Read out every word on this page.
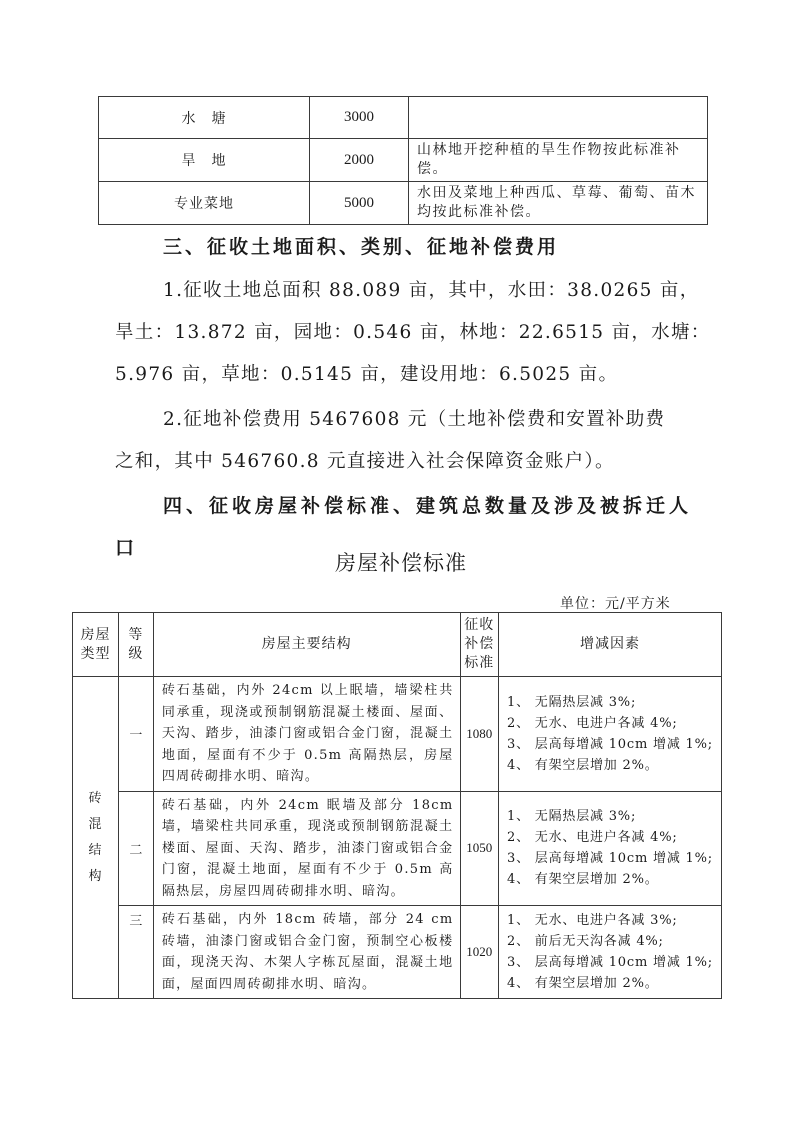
水　塘	3000	
旱　地	2000	山林地开挖种植的旱生作物按此标准补偿。
专业菜地	5000	水田及菜地上种西瓜、草莓、葡萄、苗木均按此标准补偿。
三、征收土地面积、类别、征地补偿费用
1.征收土地总面积 88.089 亩，其中，水田：38.0265 亩，
旱土：13.872 亩，园地：0.546 亩，林地：22.6515 亩，水塘：
5.976 亩，草地：0.5145 亩，建设用地：6.5025 亩。
2.征地补偿费用 5467608 元（土地补偿费和安置补助费
之和，其中 546760.8 元直接进入社会保障资金账户）。
四、征收房屋补偿标准、建筑总数量及涉及被拆迁人
口
房屋补偿标准
单位：元/平方米
房屋类型	等级	房屋主要结构	征收补偿标准	增减因素
砖混结构	一	砖石基础，内外 24cm 以上眠墙，墙梁柱共同承重，现浇或预制钢筋混凝土楼面、屋面、天沟、踏步，油漆门窗或铝合金门窗，混凝土地面，屋面有不少于 0.5m 高隔热层，房屋四周砖砌排水明、暗沟。	1080	1、 无隔热层减 3%;
2、 无水、电进户各减 4%;
3、 层高每增减 10cm 增减 1%;
4、 有架空层增加 2%。

	二	砖石基础，内外 24cm 眠墙及部分 18cm 墙，墙梁柱共同承重，现浇或预制钢筋混凝土楼面、屋面、天沟、踏步，油漆门窗或铝合金门窗，混凝土地面，屋面有不少于 0.5m 高隔热层，房屋四周砖砌排水明、暗沟。	1050	1、 无隔热层减 3%;
2、 无水、电进户各减 4%;
3、 层高每增减 10cm 增减 1%;
4、 有架空层增加 2%。

	三	砖石基础，内外 18cm 砖墙，部分 24 cm 砖墙，油漆门窗或铝合金门窗，预制空心板楼面，现浇天沟、木架人字栋瓦屋面，混凝土地面，屋面四周砖砌排水明、暗沟。	1020	1、 无水、电进户各减 3%;
2、 前后无天沟各减 4%;
3、 层高每增减 10cm 增减 1%;
4、 有架空层增加 2%。
